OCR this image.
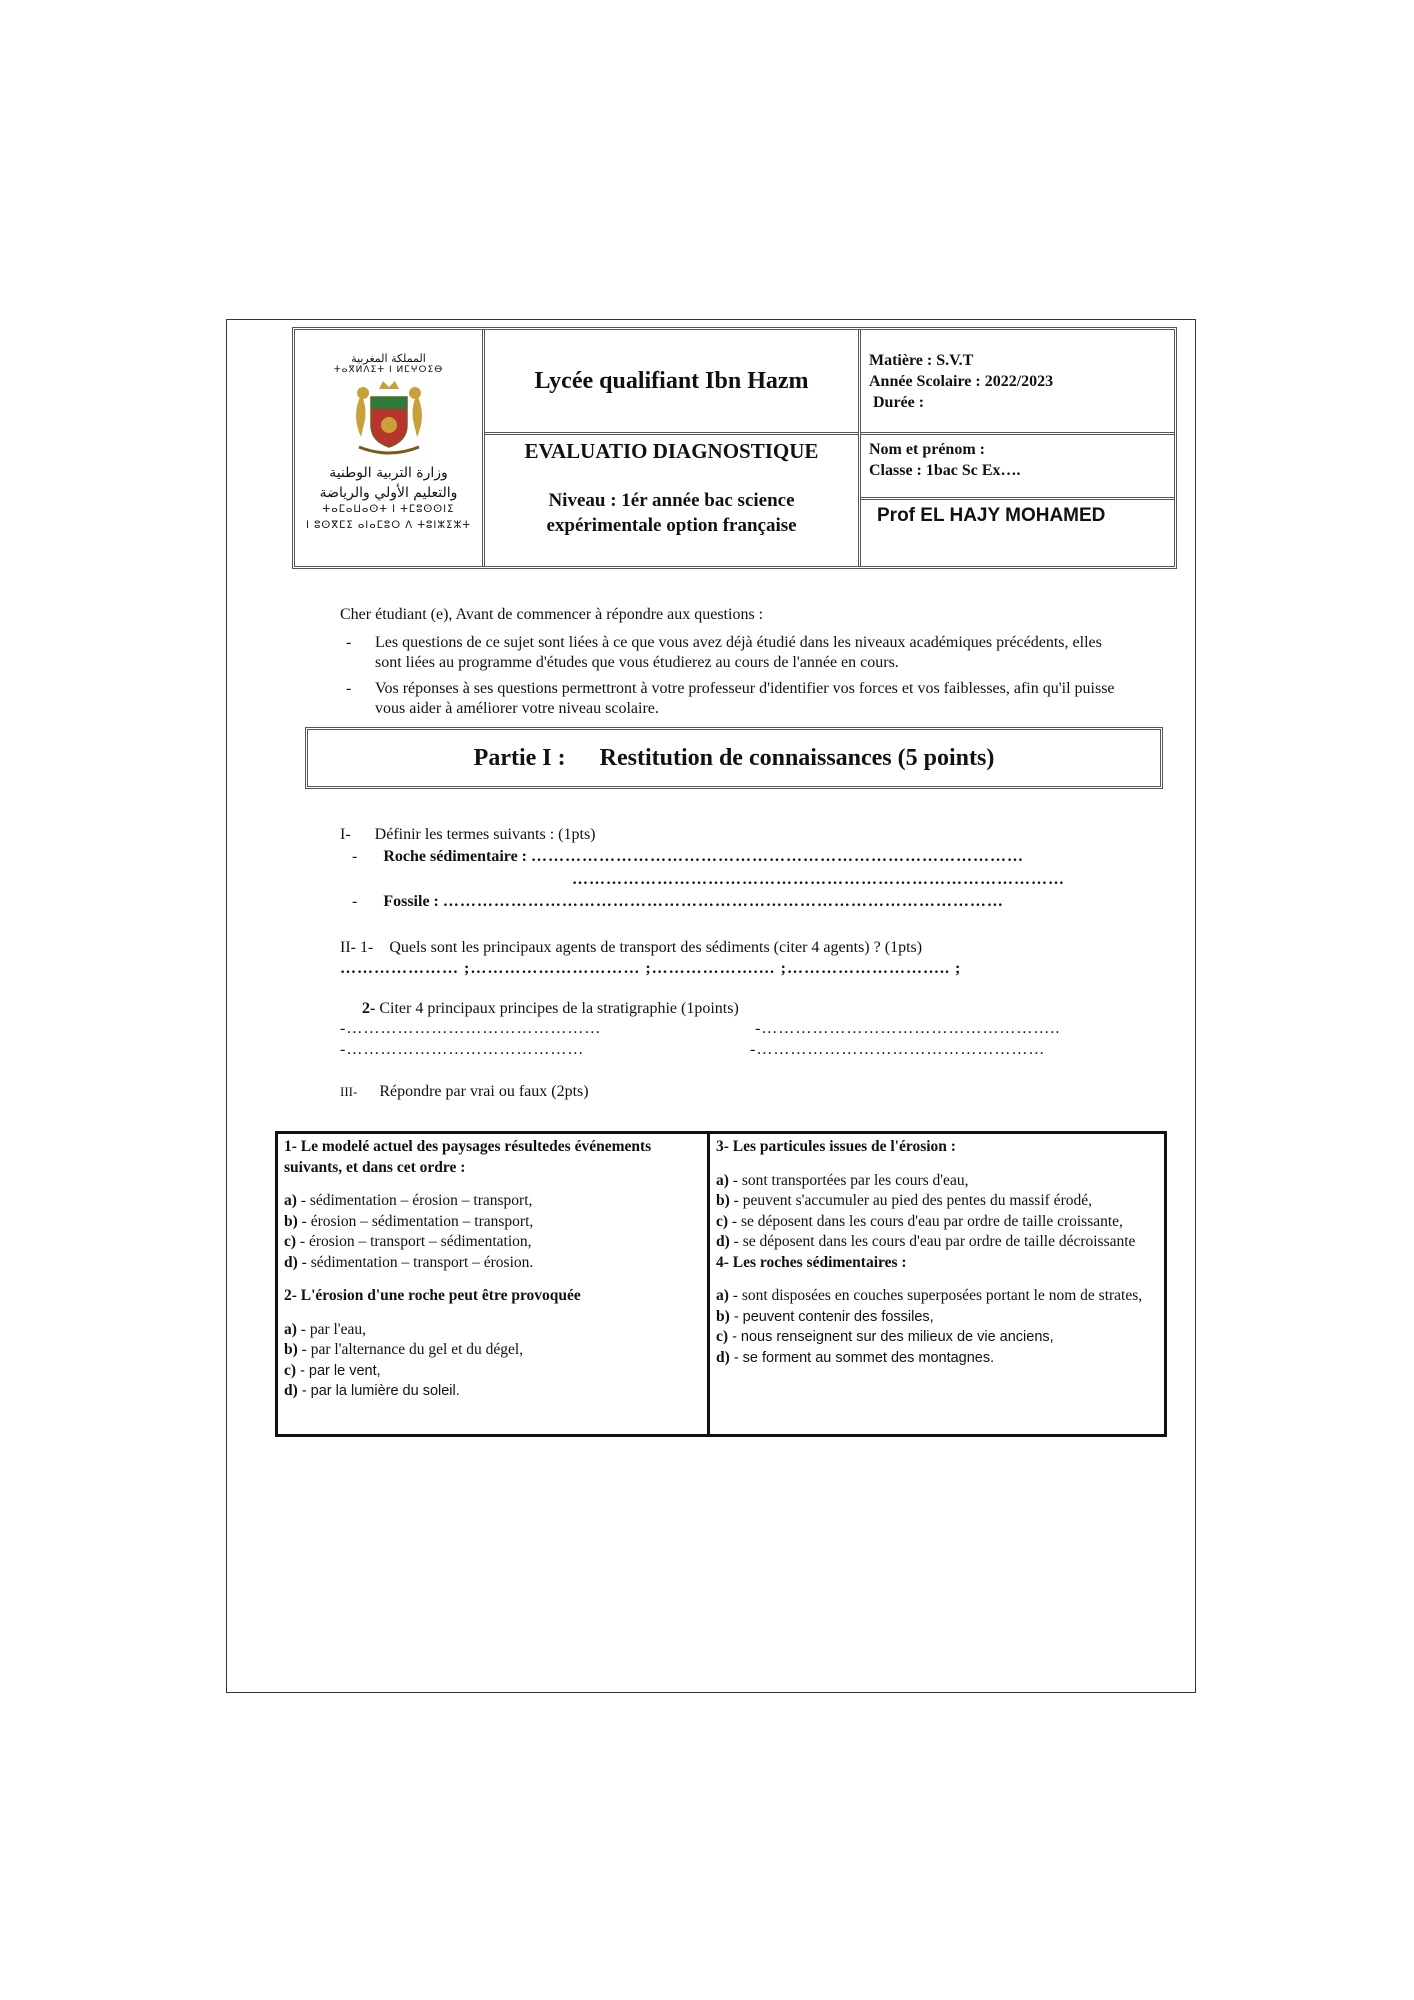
المملكة المغربية
ⵜⴰⴳⵍⴷⵉⵜ ⵏ ⵍⵎⵖⵔⵉⴱ
وزارة التربية الوطنية
والتعليم الأولي والرياضة
ⵜⴰⵎⴰⵡⴰⵙⵜ ⵏ ⵜⵎⵓⵙⵙⵏⵉ
ⵏ ⵓⵙⴳⵎⵉ ⴰⵏⴰⵎⵓⵔ ⴷ ⵜⵓⵏⵣⵉⵣⵜ
Lycée qualifiant Ibn Hazm
EVALUATIO DIAGNOSTIQUE
Niveau : 1ér année bac science
expérimentale option française
Matière : S.V.T
Année Scolaire : 2022/2023
Durée :
Nom et prénom :
Classe : 1bac Sc Ex….
Prof EL HAJY MOHAMED
Cher étudiant (e), Avant de commencer à répondre aux questions :
-	Les questions de ce sujet sont liées à ce que vous avez déjà étudié dans les niveaux académiques précédents, elles sont liées au programme d'études que vous étudierez au cours de l'année en cours.
-	Vos réponses à ses questions permettront à votre professeur d'identifier vos forces et vos faiblesses, afin qu'il puisse vous aider à améliorer votre niveau scolaire.
Partie I : Restitution de connaissances (5 points)
I- Définir les termes suivants : (1pts)
- Roche sédimentaire : ……………………………………………………………………………
……………………………………………………………………………
- Fossile : ………………………………………………………………………………………
II- 1- Quels sont les principaux agents de transport des sédiments (citer 4 agents) ? (1pts)
………………… ;………………………… ;……………….… ;……………………….. ;
2- Citer 4 principaux principes de la stratigraphie (1points)
-………………………………………	-……………………………………………..
-……………………………………	-……………………………………………
III- Répondre par vrai ou faux (2pts)
1- Le modelé actuel des paysages résultedes événements suivants, et dans cet ordre :
a) - sédimentation – érosion – transport,
b) - érosion – sédimentation – transport,
c) - érosion – transport – sédimentation,
d) - sédimentation – transport – érosion.
2- L'érosion d'une roche peut être provoquée
a) - par l'eau,
b) - par l'alternance du gel et du dégel,
c) - par le vent,
d) - par la lumière du soleil.
3- Les particules issues de l'érosion :
a) - sont transportées par les cours d'eau,
b) - peuvent s'accumuler au pied des pentes du massif érodé,
c) - se déposent dans les cours d'eau par ordre de taille croissante,
d) - se déposent dans les cours d'eau par ordre de taille décroissante
4- Les roches sédimentaires :
a) - sont disposées en couches superposées portant le nom de strates,
b) - peuvent contenir des fossiles,
c) - nous renseignent sur des milieux de vie anciens,
d) - se forment au sommet des montagnes.
